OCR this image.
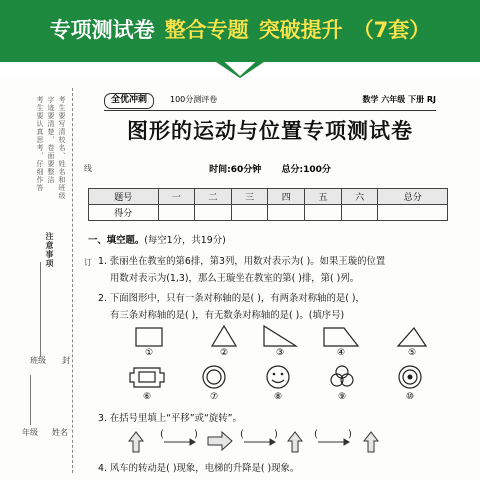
专项测试卷 整合专题 突破提升 （7套）
考生要写清校名、姓名和班级
字迹要清楚，卷面要整洁
考生要认真思考，仔细作答
注意事项
线
订
封
班级
姓名
年级
全优冲刺	100分测评卷	数学 六年级 下册 RJ
图形的运动与位置专项测试卷
时间:60分钟 总分:100分
题号	一	二	三	四	五	六	总分
得分							
一、填空题。(每空1分，共19分)
1. 张丽坐在教室的第6排，第3列，用数对表示为( )。如果王璇的位置
用数对表示为(1,3)，那么王璇坐在教室的第( )排，第( )列。
2. 下面图形中，只有一条对称轴的是( )，有两条对称轴的是( )，
有三条对称轴的是( )，有无数条对称轴的是( )。(填序号)
(	)	(	)	(	)
①	②	③	④	⑤
⑥	⑦	⑧	⑨	⑩
3. 在括号里填上“平移”或“旋转”。
4. 风车的转动是( )现象，电梯的升降是( )现象。
